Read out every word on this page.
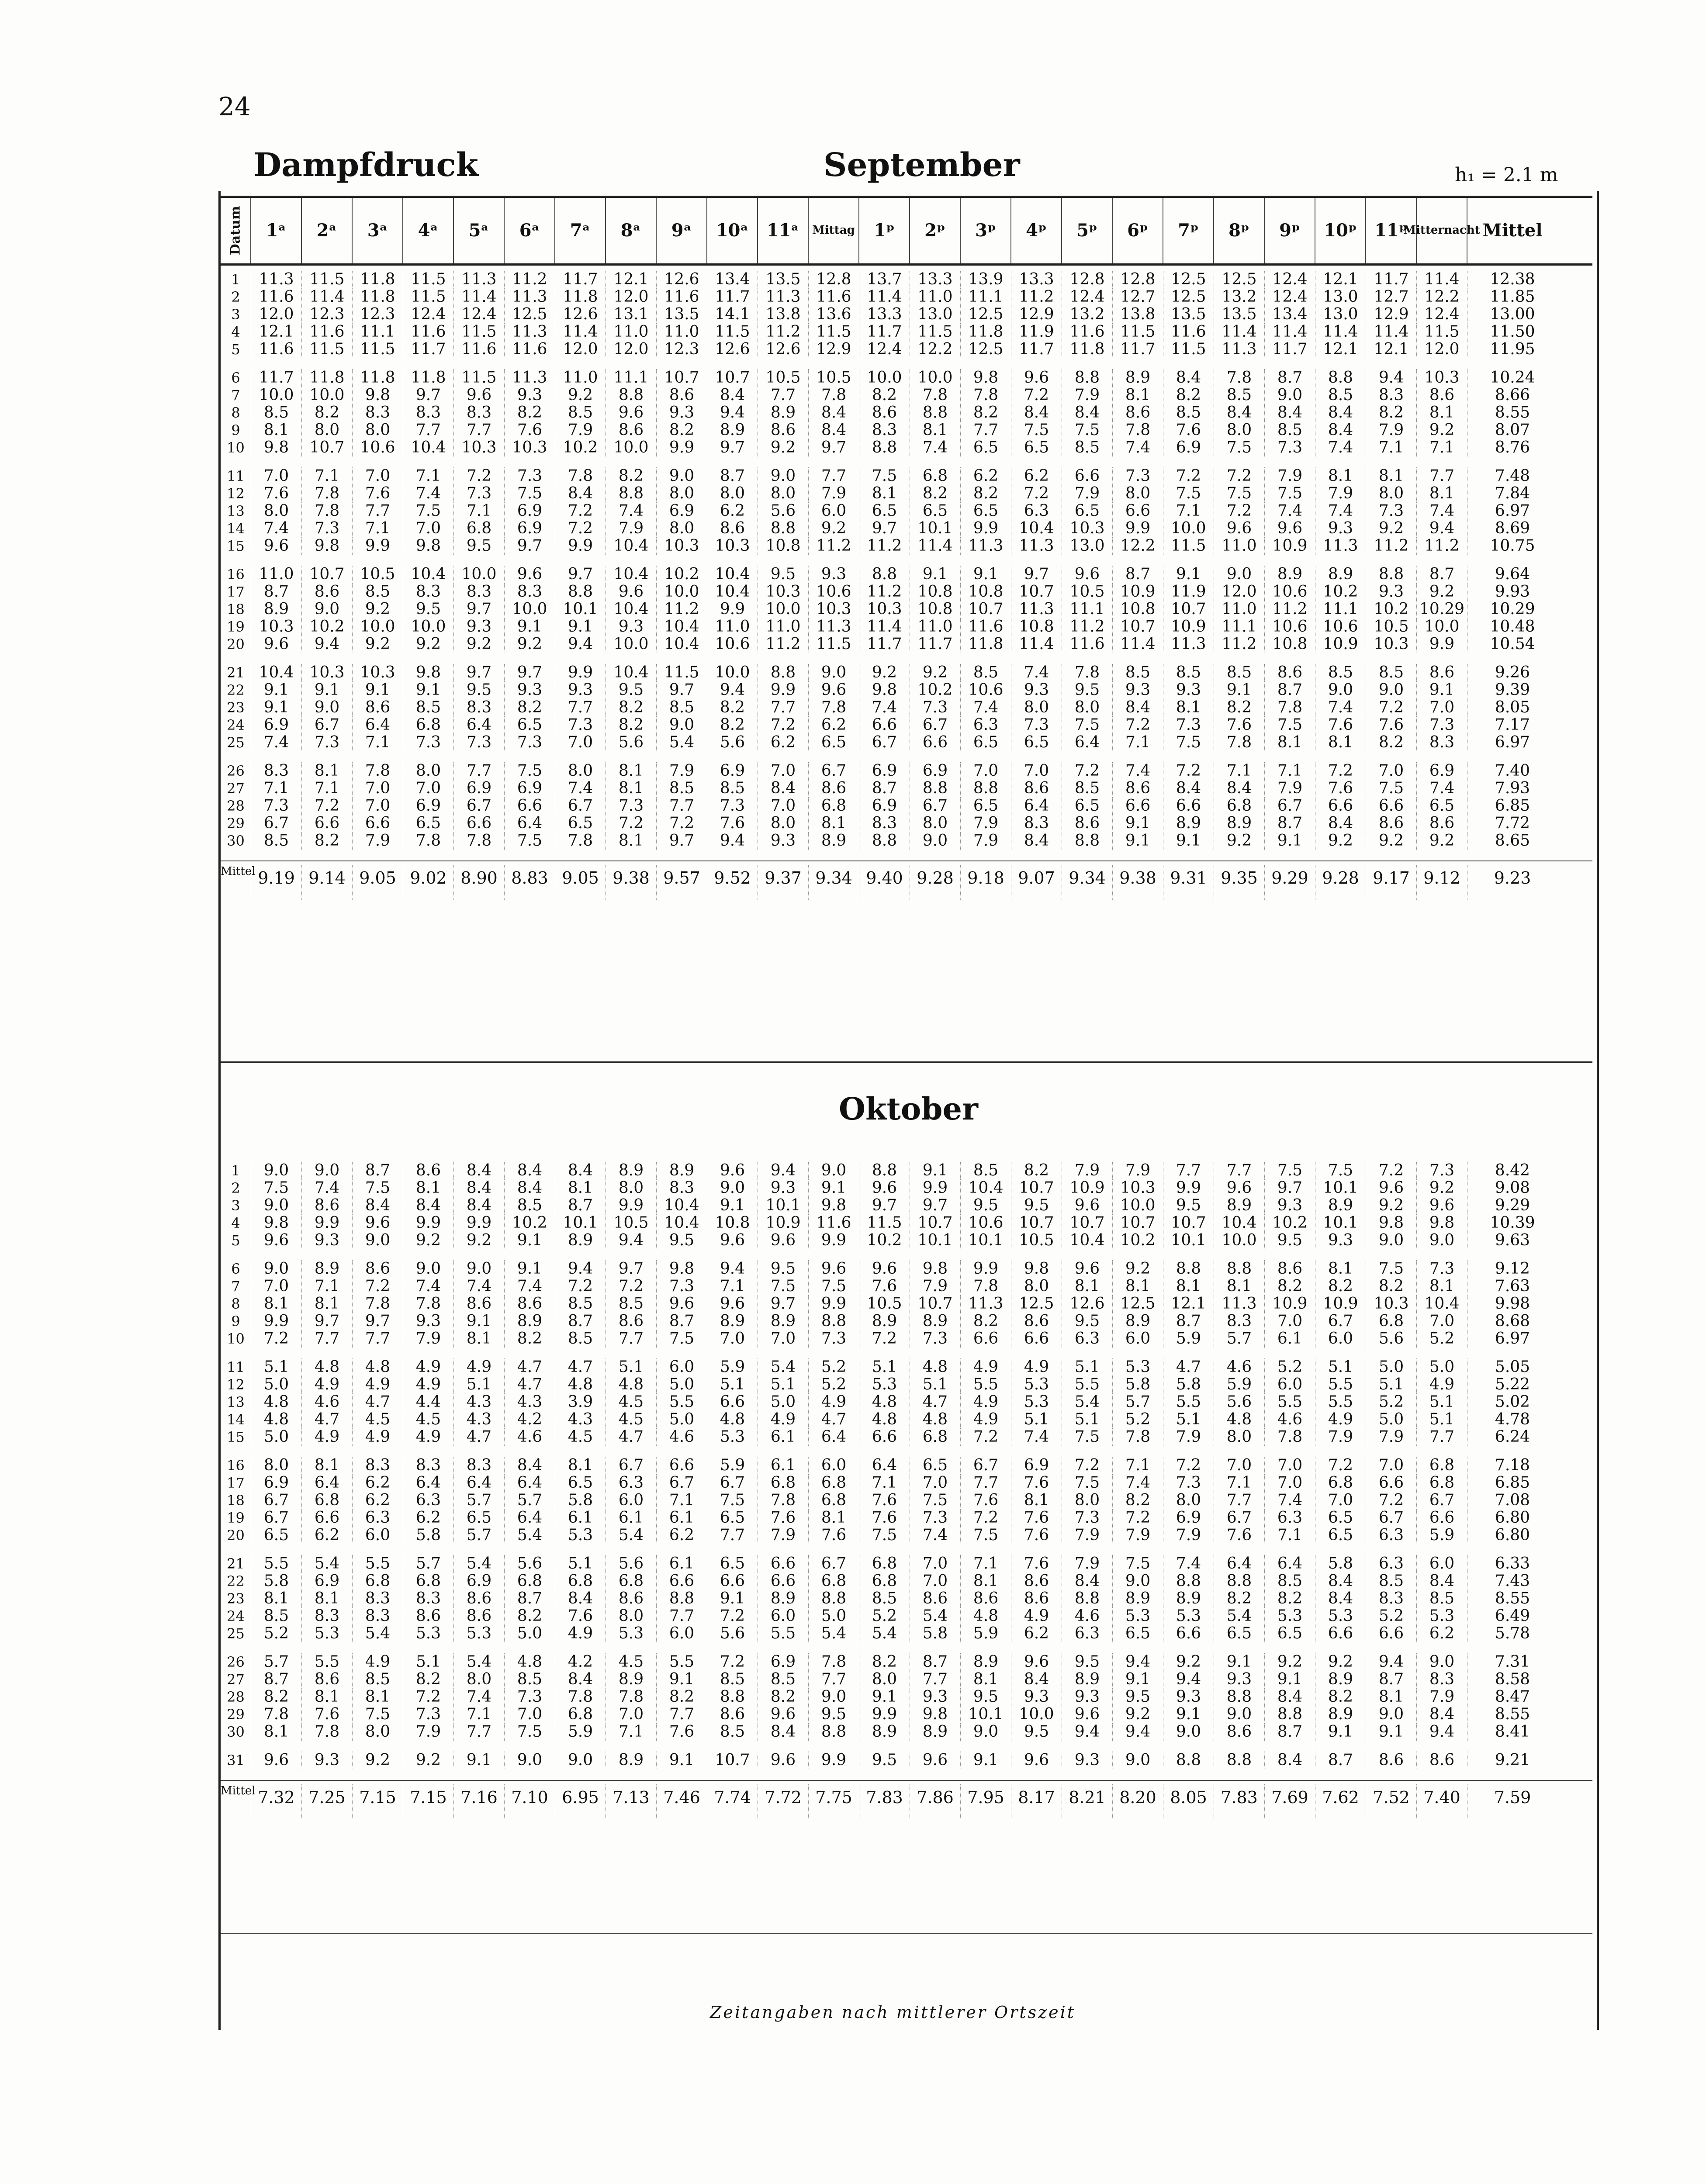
24
Dampfdruck	September	h₁ = 2.1 m
Datum	1ᵃ	2ᵃ	3ᵃ	4ᵃ	5ᵃ	6ᵃ	7ᵃ	8ᵃ	9ᵃ	10ᵃ	11ᵃ	Mittag	1ᵖ	2ᵖ	3ᵖ	4ᵖ	5ᵖ	6ᵖ	7ᵖ	8ᵖ	9ᵖ	10ᵖ	11ᵖ
Mitternacht Mittel
1	11.3 11.5 11.8 11.5 11.3 11.2 11.7 12.1 12.6 13.4 13.5 12.8 13.7 13.3 13.9 13.3 12.8 12.8 12.5 12.5 12.4 12.1 11.7 11.4	12.38
2	11.6 11.4 11.8 11.5 11.4 11.3 11.8 12.0 11.6 11.7 11.3 11.6 11.4 11.0 11.1 11.2 12.4 12.7 12.5 13.2 12.4 13.0 12.7 12.2	11.85
3	12.0 12.3 12.3 12.4 12.4 12.5 12.6 13.1 13.5 14.1 13.8 13.6 13.3 13.0 12.5 12.9 13.2 13.8 13.5 13.5 13.4 13.0 12.9 12.4	13.00
4	12.1 11.6 11.1 11.6 11.5 11.3 11.4 11.0 11.0 11.5 11.2 11.5 11.7 11.5 11.8 11.9 11.6 11.5 11.6 11.4 11.4 11.4 11.4 11.5	11.50
5	11.6 11.5 11.5 11.7 11.6 11.6 12.0 12.0 12.3 12.6 12.6 12.9 12.4 12.2 12.5 11.7 11.8 11.7 11.5 11.3 11.7 12.1 12.1 12.0	11.95
6	11.7 11.8 11.8 11.8 11.5 11.3 11.0 11.1 10.7 10.7 10.5 10.5 10.0 10.0	9.8	9.6	8.8	8.9	8.4	7.8	8.7	8.8	9.4	10.3	10.24
7	10.0 10.0	9.8	9.7	9.6	9.3	9.2	8.8	8.6	8.4	7.7	7.8	8.2	7.8	7.8	7.2	7.9	8.1	8.2	8.5	9.0	8.5	8.3	8.6	8.66
8	8.5	8.2	8.3	8.3	8.3	8.2	8.5	9.6	9.3	9.4	8.9	8.4	8.6	8.8	8.2	8.4	8.4	8.6	8.5	8.4	8.4	8.4	8.2	8.1	8.55
9	8.1	8.0	8.0	7.7	7.7	7.6	7.9	8.6	8.2	8.9	8.6	8.4	8.3	8.1	7.7	7.5	7.5	7.8	7.6	8.0	8.5	8.4	7.9	9.2	8.07
10	9.8	10.7 10.6 10.4 10.3 10.3 10.2 10.0	9.9	9.7	9.2	9.7	8.8	7.4	6.5	6.5	8.5	7.4	6.9	7.5	7.3	7.4	7.1	7.1	8.76
11	7.0	7.1	7.0	7.1	7.2	7.3	7.8	8.2	9.0	8.7	9.0	7.7	7.5	6.8	6.2	6.2	6.6	7.3	7.2	7.2	7.9	8.1	8.1	7.7	7.48
12	7.6	7.8	7.6	7.4	7.3	7.5	8.4	8.8	8.0	8.0	8.0	7.9	8.1	8.2	8.2	7.2	7.9	8.0	7.5	7.5	7.5	7.9	8.0	8.1	7.84
13	8.0	7.8	7.7	7.5	7.1	6.9	7.2	7.4	6.9	6.2	5.6	6.0	6.5	6.5	6.5	6.3	6.5	6.6	7.1	7.2	7.4	7.4	7.3	7.4	6.97
14	7.4	7.3	7.1	7.0	6.8	6.9	7.2	7.9	8.0	8.6	8.8	9.2	9.7	10.1	9.9	10.4 10.3	9.9	10.0	9.6	9.6	9.3	9.2	9.4	8.69
15	9.6	9.8	9.9	9.8	9.5	9.7	9.9	10.4 10.3 10.3 10.8 11.2 11.2 11.4 11.3 11.3 13.0 12.2 11.5 11.0 10.9 11.3 11.2 11.2	10.75
16 11.0 10.7 10.5 10.4 10.0	9.6	9.7	10.4 10.2 10.4	9.5	9.3	8.8	9.1	9.1	9.7	9.6	8.7	9.1	9.0	8.9	8.9	8.8	8.7	9.64
17	8.7	8.6	8.5	8.3	8.3	8.3	8.8	9.6	10.0 10.4 10.3 10.6 11.2 10.8 10.8 10.7 10.5 10.9 11.9 12.0 10.6 10.2	9.3	9.2	9.93
18	8.9	9.0	9.2	9.5	9.7	10.0 10.1 10.4 11.2	9.9	10.0 10.3 10.3 10.8 10.7 11.3 11.1 10.8 10.7 11.0 11.2 11.1 10.2 10.29	10.29
19 10.3 10.2 10.0 10.0	9.3	9.1	9.1	9.3	10.4 11.0 11.0 11.3 11.4 11.0 11.6 10.8 11.2 10.7 10.9 11.1 10.6 10.6 10.5 10.0	10.48
20	9.6	9.4	9.2	9.2	9.2	9.2	9.4	10.0 10.4 10.6 11.2 11.5 11.7 11.7 11.8 11.4 11.6 11.4 11.3 11.2 10.8 10.9 10.3	9.9	10.54
21 10.4 10.3 10.3	9.8	9.7	9.7	9.9	10.4 11.5 10.0	8.8	9.0	9.2	9.2	8.5	7.4	7.8	8.5	8.5	8.5	8.6	8.5	8.5	8.6	9.26
22	9.1	9.1	9.1	9.1	9.5	9.3	9.3	9.5	9.7	9.4	9.9	9.6	9.8	10.2 10.6	9.3	9.5	9.3	9.3	9.1	8.7	9.0	9.0	9.1	9.39
23	9.1	9.0	8.6	8.5	8.3	8.2	7.7	8.2	8.5	8.2	7.7	7.8	7.4	7.3	7.4	8.0	8.0	8.4	8.1	8.2	7.8	7.4	7.2	7.0	8.05
24	6.9	6.7	6.4	6.8	6.4	6.5	7.3	8.2	9.0	8.2	7.2	6.2	6.6	6.7	6.3	7.3	7.5	7.2	7.3	7.6	7.5	7.6	7.6	7.3	7.17
25	7.4	7.3	7.1	7.3	7.3	7.3	7.0	5.6	5.4	5.6	6.2	6.5	6.7	6.6	6.5	6.5	6.4	7.1	7.5	7.8	8.1	8.1	8.2	8.3	6.97
26	8.3	8.1	7.8	8.0	7.7	7.5	8.0	8.1	7.9	6.9	7.0	6.7	6.9	6.9	7.0	7.0	7.2	7.4	7.2	7.1	7.1	7.2	7.0	6.9	7.40
27	7.1	7.1	7.0	7.0	6.9	6.9	7.4	8.1	8.5	8.5	8.4	8.6	8.7	8.8	8.8	8.6	8.5	8.6	8.4	8.4	7.9	7.6	7.5	7.4	7.93
28	7.3	7.2	7.0	6.9	6.7	6.6	6.7	7.3	7.7	7.3	7.0	6.8	6.9	6.7	6.5	6.4	6.5	6.6	6.6	6.8	6.7	6.6	6.6	6.5	6.85
29	6.7	6.6	6.6	6.5	6.6	6.4	6.5	7.2	7.2	7.6	8.0	8.1	8.3	8.0	7.9	8.3	8.6	9.1	8.9	8.9	8.7	8.4	8.6	8.6	7.72
30	8.5	8.2	7.9	7.8	7.8	7.5	7.8	8.1	9.7	9.4	9.3	8.9	8.8	9.0	7.9	8.4	8.8	9.1	9.1	9.2	9.1	9.2	9.2	9.2	8.65
Mittel 9.19 9.14 9.05 9.02 8.90 8.83 9.05 9.38 9.57 9.52 9.37 9.34 9.40 9.28 9.18 9.07 9.34 9.38 9.31 9.35 9.29 9.28 9.17 9.12	9.23
Oktober
1	9.0	9.0	8.7	8.6	8.4	8.4	8.4	8.9	8.9	9.6	9.4	9.0	8.8	9.1	8.5	8.2	7.9	7.9	7.7	7.7	7.5	7.5	7.2	7.3	8.42
2	7.5	7.4	7.5	8.1	8.4	8.4	8.1	8.0	8.3	9.0	9.3	9.1	9.6	9.9	10.4 10.7 10.9 10.3	9.9	9.6	9.7	10.1	9.6	9.2	9.08
3	9.0	8.6	8.4	8.4	8.4	8.5	8.7	9.9	10.4	9.1	10.1	9.8	9.7	9.7	9.5	9.5	9.6	10.0	9.5	8.9	9.3	8.9	9.2	9.6	9.29
4	9.8	9.9	9.6	9.9	9.9	10.2 10.1 10.5 10.4 10.8 10.9 11.6 11.5 10.7 10.6 10.7 10.7 10.7 10.7 10.4 10.2 10.1	9.8	9.8	10.39
5	9.6	9.3	9.0	9.2	9.2	9.1	8.9	9.4	9.5	9.6	9.6	9.9	10.2 10.1 10.1 10.5 10.4 10.2 10.1 10.0	9.5	9.3	9.0	9.0	9.63
6	9.0	8.9	8.6	9.0	9.0	9.1	9.4	9.7	9.8	9.4	9.5	9.6	9.6	9.8	9.9	9.8	9.6	9.2	8.8	8.8	8.6	8.1	7.5	7.3	9.12
7	7.0	7.1	7.2	7.4	7.4	7.4	7.2	7.2	7.3	7.1	7.5	7.5	7.6	7.9	7.8	8.0	8.1	8.1	8.1	8.1	8.2	8.2	8.2	8.1	7.63
8	8.1	8.1	7.8	7.8	8.6	8.6	8.5	8.5	9.6	9.6	9.7	9.9	10.5 10.7 11.3 12.5 12.6 12.5 12.1 11.3 10.9 10.9 10.3 10.4	9.98
9	9.9	9.7	9.7	9.3	9.1	8.9	8.7	8.6	8.7	8.9	8.9	8.8	8.9	8.9	8.2	8.6	9.5	8.9	8.7	8.3	7.0	6.7	6.8	7.0	8.68
10	7.2	7.7	7.7	7.9	8.1	8.2	8.5	7.7	7.5	7.0	7.0	7.3	7.2	7.3	6.6	6.6	6.3	6.0	5.9	5.7	6.1	6.0	5.6	5.2	6.97
11	5.1	4.8	4.8	4.9	4.9	4.7	4.7	5.1	6.0	5.9	5.4	5.2	5.1	4.8	4.9	4.9	5.1	5.3	4.7	4.6	5.2	5.1	5.0	5.0	5.05
12	5.0	4.9	4.9	4.9	5.1	4.7	4.8	4.8	5.0	5.1	5.1	5.2	5.3	5.1	5.5	5.3	5.5	5.8	5.8	5.9	6.0	5.5	5.1	4.9	5.22
13	4.8	4.6	4.7	4.4	4.3	4.3	3.9	4.5	5.5	6.6	5.0	4.9	4.8	4.7	4.9	5.3	5.4	5.7	5.5	5.6	5.5	5.5	5.2	5.1	5.02
14	4.8	4.7	4.5	4.5	4.3	4.2	4.3	4.5	5.0	4.8	4.9	4.7	4.8	4.8	4.9	5.1	5.1	5.2	5.1	4.8	4.6	4.9	5.0	5.1	4.78
15	5.0	4.9	4.9	4.9	4.7	4.6	4.5	4.7	4.6	5.3	6.1	6.4	6.6	6.8	7.2	7.4	7.5	7.8	7.9	8.0	7.8	7.9	7.9	7.7	6.24
16	8.0	8.1	8.3	8.3	8.3	8.4	8.1	6.7	6.6	5.9	6.1	6.0	6.4	6.5	6.7	6.9	7.2	7.1	7.2	7.0	7.0	7.2	7.0	6.8	7.18
17	6.9	6.4	6.2	6.4	6.4	6.4	6.5	6.3	6.7	6.7	6.8	6.8	7.1	7.0	7.7	7.6	7.5	7.4	7.3	7.1	7.0	6.8	6.6	6.8	6.85
18	6.7	6.8	6.2	6.3	5.7	5.7	5.8	6.0	7.1	7.5	7.8	6.8	7.6	7.5	7.6	8.1	8.0	8.2	8.0	7.7	7.4	7.0	7.2	6.7	7.08
19	6.7	6.6	6.3	6.2	6.5	6.4	6.1	6.1	6.1	6.5	7.6	8.1	7.6	7.3	7.2	7.6	7.3	7.2	6.9	6.7	6.3	6.5	6.7	6.6	6.80
20	6.5	6.2	6.0	5.8	5.7	5.4	5.3	5.4	6.2	7.7	7.9	7.6	7.5	7.4	7.5	7.6	7.9	7.9	7.9	7.6	7.1	6.5	6.3	5.9	6.80
21	5.5	5.4	5.5	5.7	5.4	5.6	5.1	5.6	6.1	6.5	6.6	6.7	6.8	7.0	7.1	7.6	7.9	7.5	7.4	6.4	6.4	5.8	6.3	6.0	6.33
22	5.8	6.9	6.8	6.8	6.9	6.8	6.8	6.8	6.6	6.6	6.6	6.8	6.8	7.0	8.1	8.6	8.4	9.0	8.8	8.8	8.5	8.4	8.5	8.4	7.43
23	8.1	8.1	8.3	8.3	8.6	8.7	8.4	8.6	8.8	9.1	8.9	8.8	8.5	8.6	8.6	8.6	8.8	8.9	8.9	8.2	8.2	8.4	8.3	8.5	8.55
24	8.5	8.3	8.3	8.6	8.6	8.2	7.6	8.0	7.7	7.2	6.0	5.0	5.2	5.4	4.8	4.9	4.6	5.3	5.3	5.4	5.3	5.3	5.2	5.3	6.49
25	5.2	5.3	5.4	5.3	5.3	5.0	4.9	5.3	6.0	5.6	5.5	5.4	5.4	5.8	5.9	6.2	6.3	6.5	6.6	6.5	6.5	6.6	6.6	6.2	5.78
26	5.7	5.5	4.9	5.1	5.4	4.8	4.2	4.5	5.5	7.2	6.9	7.8	8.2	8.7	8.9	9.6	9.5	9.4	9.2	9.1	9.2	9.2	9.4	9.0	7.31
27	8.7	8.6	8.5	8.2	8.0	8.5	8.4	8.9	9.1	8.5	8.5	7.7	8.0	7.7	8.1	8.4	8.9	9.1	9.4	9.3	9.1	8.9	8.7	8.3	8.58
28	8.2	8.1	8.1	7.2	7.4	7.3	7.8	7.8	8.2	8.8	8.2	9.0	9.1	9.3	9.5	9.3	9.3	9.5	9.3	8.8	8.4	8.2	8.1	7.9	8.47
29	7.8	7.6	7.5	7.3	7.1	7.0	6.8	7.0	7.7	8.6	9.6	9.5	9.9	9.8	10.1 10.0	9.6	9.2	9.1	9.0	8.8	8.9	9.0	8.4	8.55
30	8.1	7.8	8.0	7.9	7.7	7.5	5.9	7.1	7.6	8.5	8.4	8.8	8.9	8.9	9.0	9.5	9.4	9.4	9.0	8.6	8.7	9.1	9.1	9.4	8.41
31	9.6	9.3	9.2	9.2	9.1	9.0	9.0	8.9	9.1	10.7	9.6	9.9	9.5	9.6	9.1	9.6	9.3	9.0	8.8	8.8	8.4	8.7	8.6	8.6	9.21
Mittel 7.32 7.25 7.15 7.15 7.16 7.10 6.95 7.13 7.46 7.74 7.72 7.75 7.83 7.86 7.95 8.17 8.21 8.20 8.05 7.83 7.69 7.62 7.52 7.40	7.59
Zeitangaben nach mittlerer Ortszeit
